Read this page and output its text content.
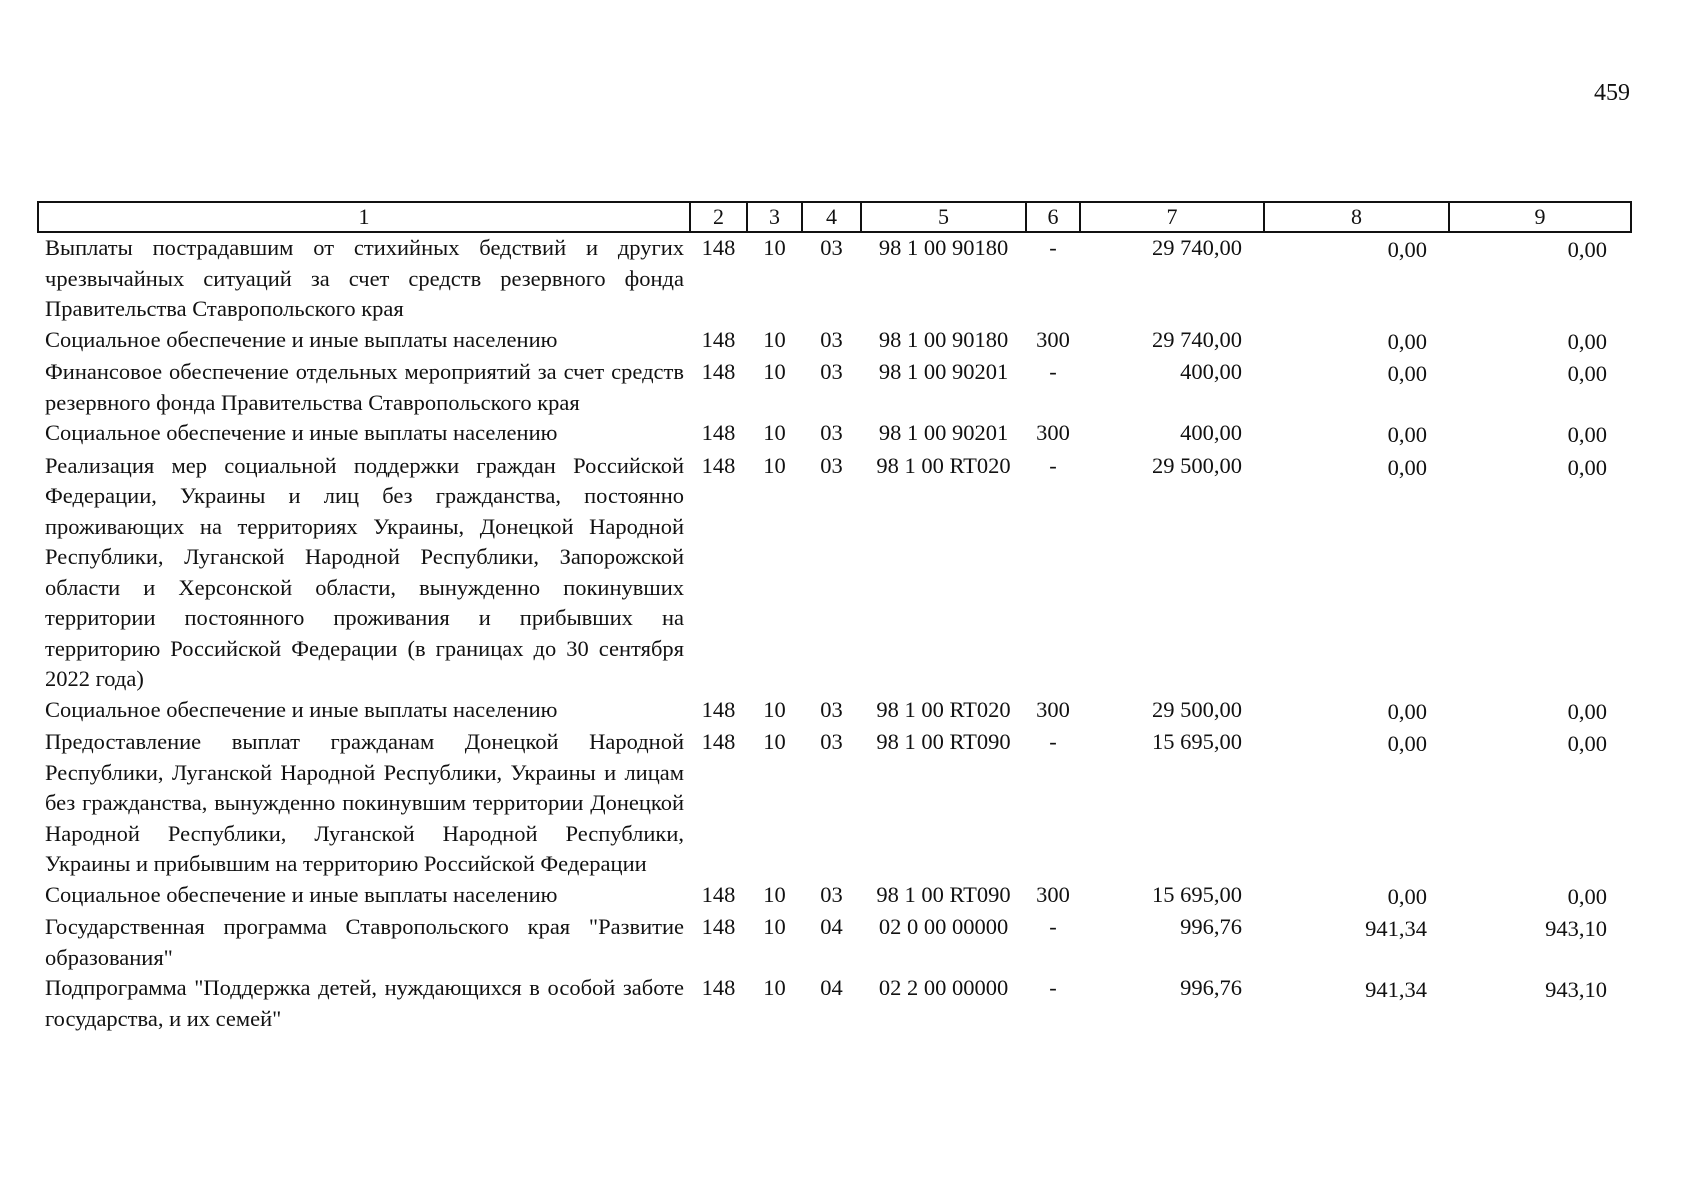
459
1	2	3	4	5	6	7	8	9
Выплаты пострадавшим от стихийных бедствий и других чрезвычайных ситуаций за счет средств резервного фонда Правительства Ставропольского края	148	10	03	98 1 00 90180	-	29 740,00	0,00	0,00
Социальное обеспечение и иные выплаты населению	148	10	03	98 1 00 90180	300	29 740,00	0,00	0,00
Финансовое обеспечение отдельных мероприятий за счет средств резервного фонда Правительства Ставропольского края	148	10	03	98 1 00 90201	-	400,00	0,00	0,00
Социальное обеспечение и иные выплаты населению	148	10	03	98 1 00 90201	300	400,00	0,00	0,00
Реализация мер социальной поддержки граждан Российской Федерации, Украины и лиц без гражданства, постоянно проживающих на территориях Украины, Донецкой Народной Республики, Луганской Народной Республики, Запорожской области и Херсонской области, вынужденно покинувших территории постоянного проживания и прибывших на территорию Российской Федерации (в границах до 30 сентября 2022 года)	148	10	03	98 1 00 RT020	-	29 500,00	0,00	0,00
Социальное обеспечение и иные выплаты населению	148	10	03	98 1 00 RT020	300	29 500,00	0,00	0,00
Предоставление выплат гражданам Донецкой Народной Республики, Луганской Народной Республики, Украины и лицам без гражданства, вынужденно покинувшим территории Донецкой Народной Республики, Луганской Народной Республики, Украины и прибывшим на территорию Российской Федерации	148	10	03	98 1 00 RT090	-	15 695,00	0,00	0,00
Социальное обеспечение и иные выплаты населению	148	10	03	98 1 00 RT090	300	15 695,00	0,00	0,00
Государственная программа Ставропольского края "Развитие образования"	148	10	04	02 0 00 00000	-	996,76	941,34	943,10
Подпрограмма "Поддержка детей, нуждающихся в особой заботе государства, и их семей"	148	10	04	02 2 00 00000	-	996,76	941,34	943,10
